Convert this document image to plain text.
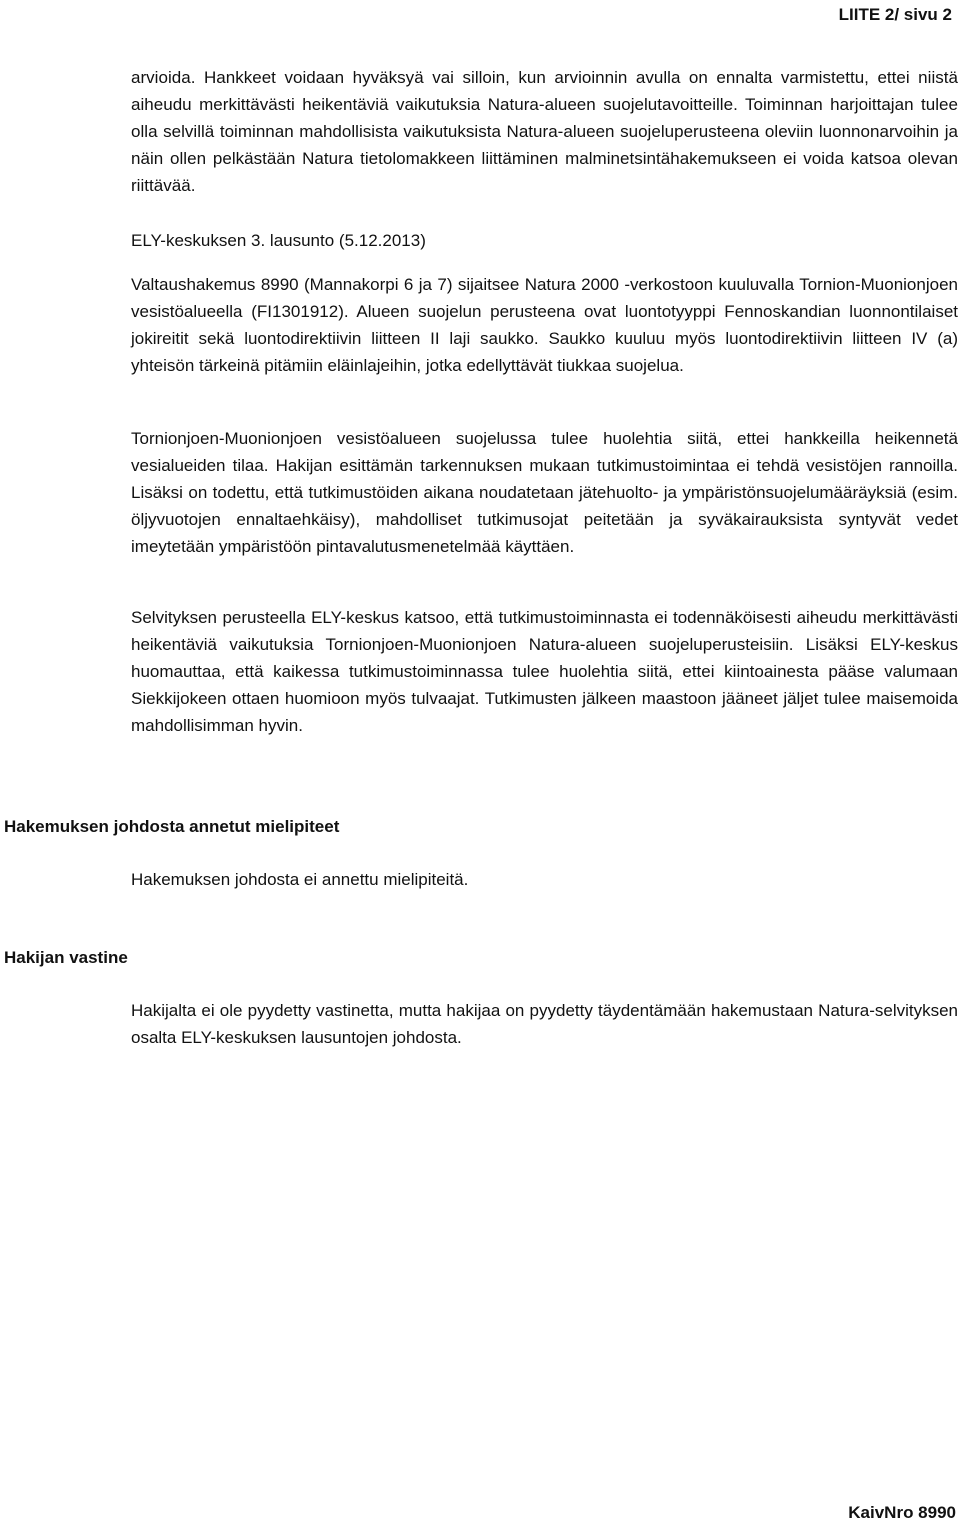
LIITE 2/ sivu 2

arvioida. Hankkeet voidaan hyväksyä vai silloin, kun arvioinnin avulla on ennalta varmistettu, ettei niistä aiheudu merkittävästi heikentäviä vaikutuksia Natura-alueen suojelutavoitteille. Toiminnan harjoittajan tulee olla selvillä toiminnan mahdollisista vaikutuksista Natura-alueen suojeluperusteena oleviin luonnonarvoihin ja näin ollen pelkästään Natura tietolomakkeen liittäminen malminetsintähakemukseen ei voida katsoa olevan riittävää.

ELY-keskuksen 3. lausunto (5.12.2013)

Valtaushakemus 8990 (Mannakorpi 6 ja 7) sijaitsee Natura 2000 -verkostoon kuuluvalla Tornion-Muonionjoen vesistöalueella (FI1301912). Alueen suojelun perusteena ovat luontotyyppi Fennoskandian luonnontilaiset jokireitit sekä luontodirektiivin liitteen II laji saukko. Saukko kuuluu myös luontodirektiivin liitteen IV (a) yhteisön tärkeinä pitämiin eläinlajeihin, jotka edellyttävät tiukkaa suojelua.

Tornionjoen-Muonionjoen vesistöalueen suojelussa tulee huolehtia siitä, ettei hankkeilla heikennetä vesialueiden tilaa. Hakijan esittämän tarkennuksen mukaan tutkimustoimintaa ei tehdä vesistöjen rannoilla. Lisäksi on todettu, että tutkimustöiden aikana noudatetaan jätehuolto- ja ympäristönsuojelumääräyksiä (esim. öljyvuotojen ennaltaehkäisy), mahdolliset tutkimusojat peitetään ja syväkairauksista syntyvät vedet imeytetään ympäristöön pintavalutusmenetelmää käyttäen.

Selvityksen perusteella ELY-keskus katsoo, että tutkimustoiminnasta ei todennäköisesti aiheudu merkittävästi heikentäviä vaikutuksia Tornionjoen-Muonionjoen Natura-alueen suojeluperusteisiin. Lisäksi ELY-keskus huomauttaa, että kaikessa tutkimustoiminnassa tulee huolehtia siitä, ettei kiintoainesta pääse valumaan Siekkijokeen ottaen huomioon myös tulvaajat. Tutkimusten jälkeen maastoon jääneet jäljet tulee maisemoida mahdollisimman hyvin.

Hakemuksen johdosta annetut mielipiteet
Hakemuksen johdosta ei annettu mielipiteitä.
Hakijan vastine
Hakijalta ei ole pyydetty vastinetta, mutta hakijaa on pyydetty täydentämään hakemustaan Natura-selvityksen osalta ELY-keskuksen lausuntojen johdosta.
KaivNro 8990
